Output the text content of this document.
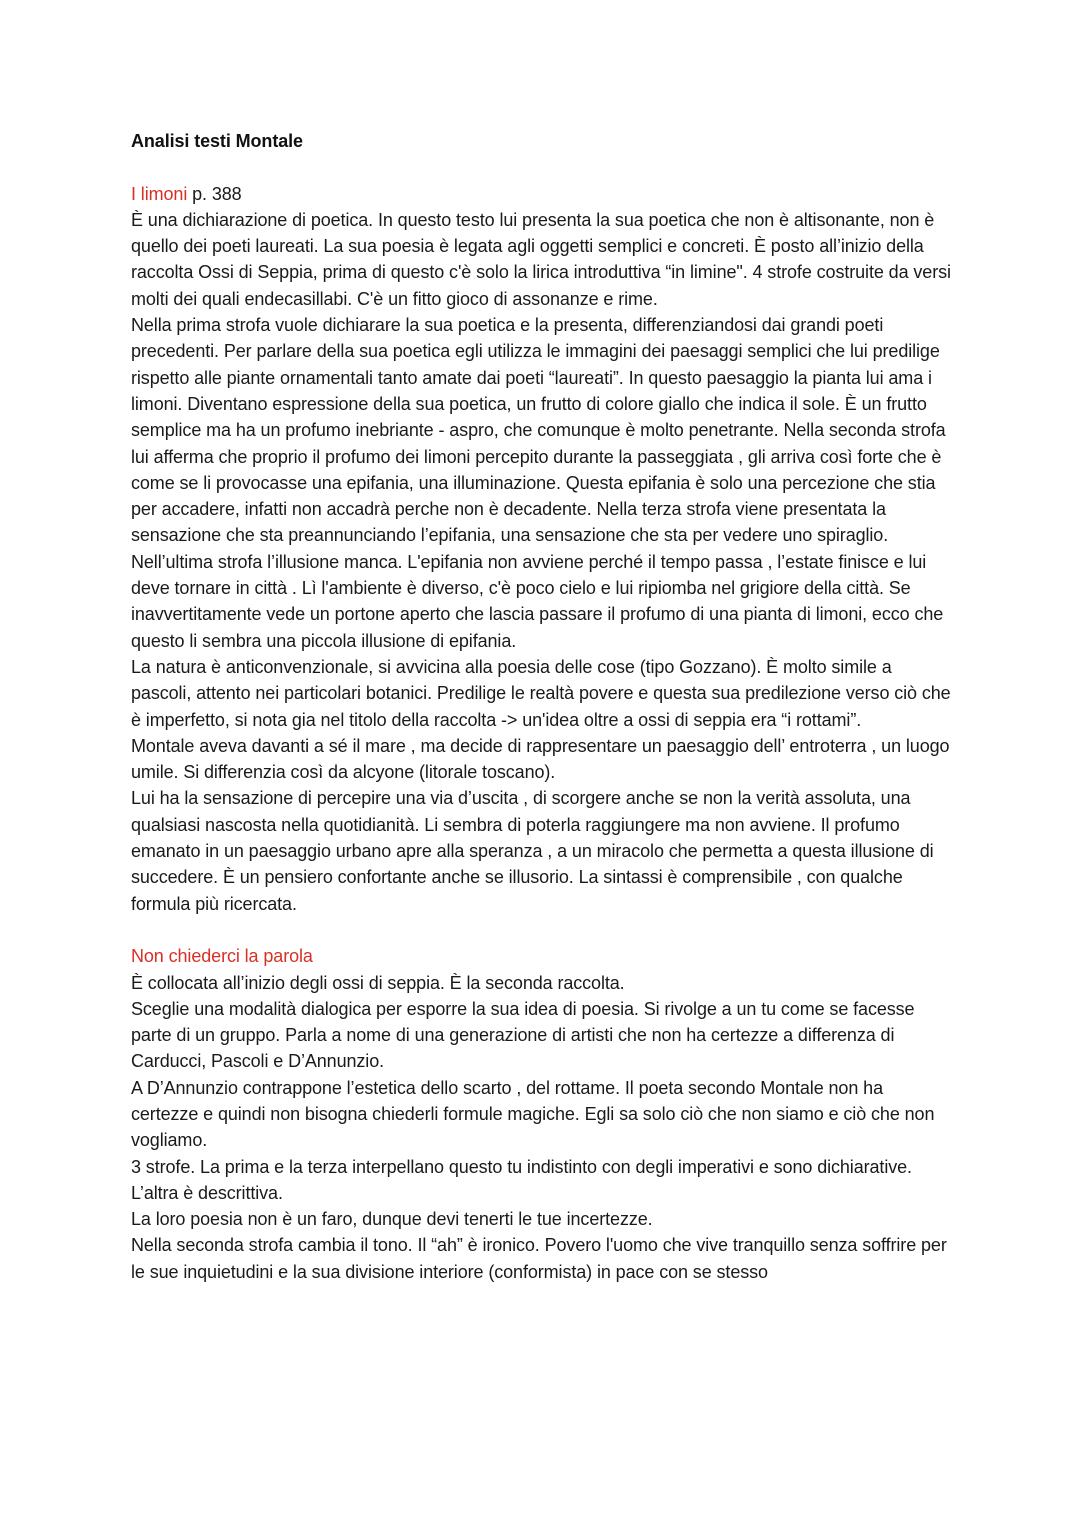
Analisi testi Montale

I limoni p. 388

È una dichiarazione di poetica. In questo testo lui presenta la sua poetica che non è altisonante, non è quello dei poeti laureati. La sua poesia è legata agli oggetti semplici e concreti. È posto all’inizio della raccolta Ossi di Seppia, prima di questo c'è solo la lirica introduttiva “in limine". 4 strofe costruite da versi molti dei quali endecasillabi. C'è un fitto gioco di assonanze e rime.

Nella prima strofa vuole dichiarare la sua poetica e la presenta, differenziandosi dai grandi poeti precedenti. Per parlare della sua poetica egli utilizza le immagini dei paesaggi semplici che lui predilige rispetto alle piante ornamentali tanto amate dai poeti “laureati”. In questo paesaggio la pianta lui ama i limoni. Diventano espressione della sua poetica, un frutto di colore giallo che indica il sole. È un frutto semplice ma ha un profumo inebriante - aspro, che comunque è molto penetrante. Nella seconda strofa lui afferma che proprio il profumo dei limoni percepito durante la passeggiata , gli arriva così forte che è come se li provocasse una epifania, una illuminazione. Questa epifania è solo una percezione che stia per accadere, infatti non accadrà perche non è decadente. Nella terza strofa viene presentata la sensazione che sta preannunciando l’epifania, una sensazione che sta per vedere uno spiraglio. Nell’ultima strofa l’illusione manca. L'epifania non avviene perché il tempo passa , l’estate finisce e lui deve tornare in città . Lì l'ambiente è diverso, c'è poco cielo e lui ripiomba nel grigiore della città. Se inavvertitamente vede un portone aperto che lascia passare il profumo di una pianta di limoni, ecco che questo li sembra una piccola illusione di epifania.

La natura è anticonvenzionale, si avvicina alla poesia delle cose (tipo Gozzano). È molto simile a pascoli, attento nei particolari botanici. Predilige le realtà povere e questa sua predilezione verso ciò che è imperfetto, si nota gia nel titolo della raccolta -> un'idea oltre a ossi di seppia era “i rottami”.

Montale aveva davanti a sé il mare , ma decide di rappresentare un paesaggio dell’ entroterra , un luogo umile. Si differenzia così da alcyone (litorale toscano).

Lui ha la sensazione di percepire una via d’uscita , di scorgere anche se non la verità assoluta, una qualsiasi nascosta nella quotidianità. Li sembra di poterla raggiungere ma non avviene. Il profumo emanato in un paesaggio urbano apre alla speranza , a un miracolo che permetta a questa illusione di succedere. È un pensiero confortante anche se illusorio. La sintassi è comprensibile , con qualche formula più ricercata.

Non chiederci la parola

È collocata all’inizio degli ossi di seppia. È la seconda raccolta.

Sceglie una modalità dialogica per esporre la sua idea di poesia. Si rivolge a un tu come se facesse parte di un gruppo. Parla a nome di una generazione di artisti che non ha certezze a differenza di Carducci, Pascoli e D’Annunzio.

A D’Annunzio contrappone l’estetica dello scarto , del rottame. Il poeta secondo Montale non ha certezze e quindi non bisogna chiederli formule magiche. Egli sa solo ciò che non siamo e ciò che non vogliamo.

3 strofe. La prima e la terza interpellano questo tu indistinto con degli imperativi e sono dichiarative. L’altra è descrittiva.

La loro poesia non è un faro, dunque devi tenerti le tue incertezze.

Nella seconda strofa cambia il tono. Il “ah” è ironico. Povero l'uomo che vive tranquillo senza soffrire per le sue inquietudini e la sua divisione interiore (conformista) in pace con se stesso
